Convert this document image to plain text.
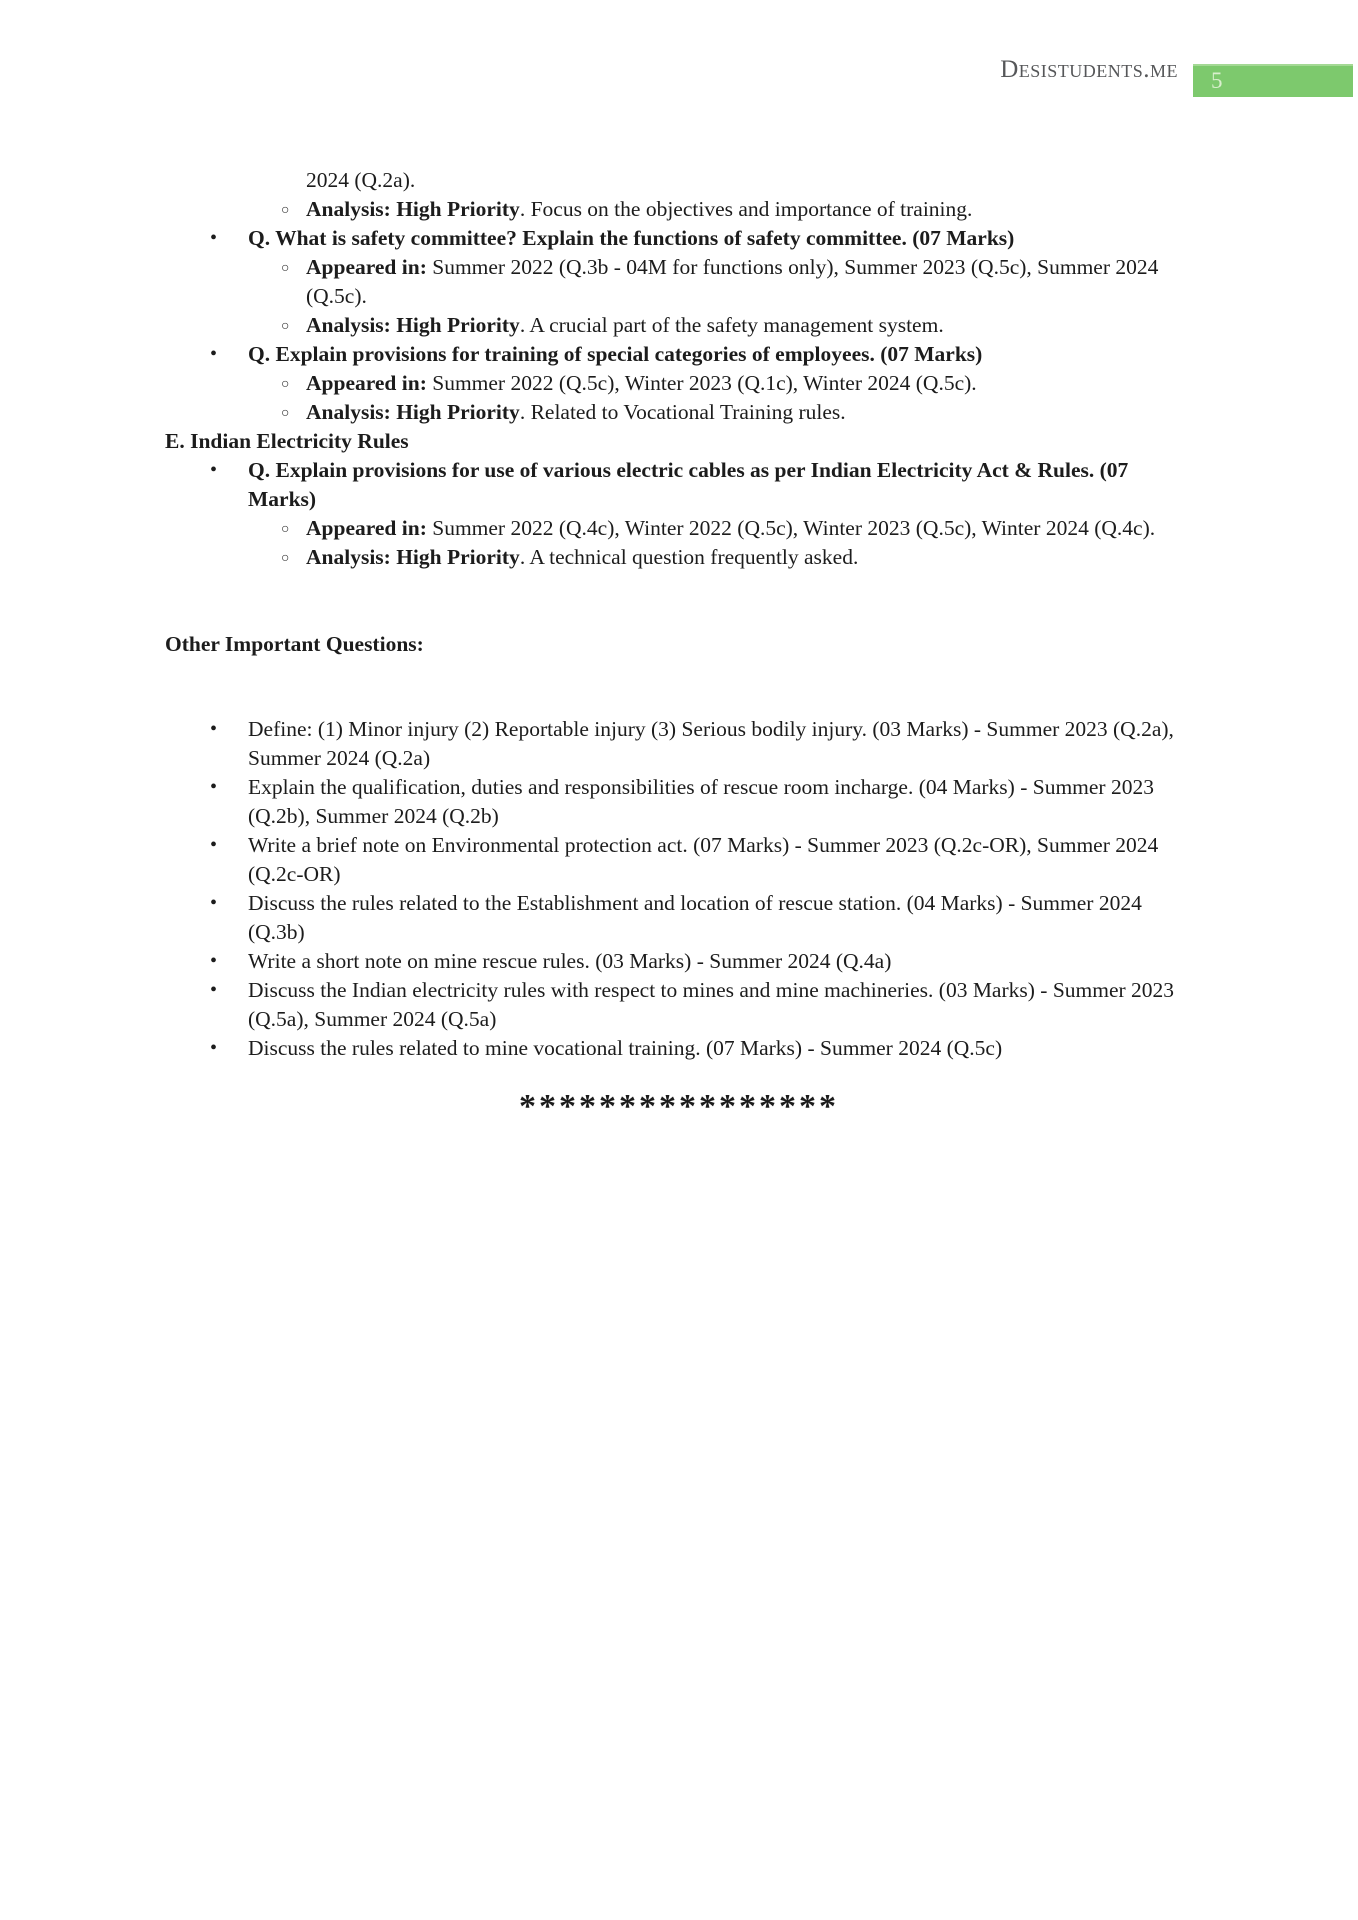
Desistudents.me	5
2024 (Q.2a).
○ Analysis: High Priority. Focus on the objectives and importance of training.
• Q. What is safety committee? Explain the functions of safety committee. (07 Marks)
○ Appeared in: Summer 2022 (Q.3b - 04M for functions only), Summer 2023 (Q.5c), Summer 2024 (Q.5c).
○ Analysis: High Priority. A crucial part of the safety management system.
• Q. Explain provisions for training of special categories of employees. (07 Marks)
○ Appeared in: Summer 2022 (Q.5c), Winter 2023 (Q.1c), Winter 2024 (Q.5c).
○ Analysis: High Priority. Related to Vocational Training rules.
E. Indian Electricity Rules
• Q. Explain provisions for use of various electric cables as per Indian Electricity Act & Rules. (07 Marks)
○ Appeared in: Summer 2022 (Q.4c), Winter 2022 (Q.5c), Winter 2023 (Q.5c), Winter 2024 (Q.4c).
○ Analysis: High Priority. A technical question frequently asked.
Other Important Questions:
• Define: (1) Minor injury (2) Reportable injury (3) Serious bodily injury. (03 Marks) - Summer 2023 (Q.2a), Summer 2024 (Q.2a)
• Explain the qualification, duties and responsibilities of rescue room incharge. (04 Marks) - Summer 2023 (Q.2b), Summer 2024 (Q.2b)
• Write a brief note on Environmental protection act. (07 Marks) - Summer 2023 (Q.2c-OR), Summer 2024 (Q.2c-OR)
• Discuss the rules related to the Establishment and location of rescue station. (04 Marks) - Summer 2024 (Q.3b)
• Write a short note on mine rescue rules. (03 Marks) - Summer 2024 (Q.4a)
• Discuss the Indian electricity rules with respect to mines and mine machineries. (03 Marks) - Summer 2023 (Q.5a), Summer 2024 (Q.5a)
• Discuss the rules related to mine vocational training. (07 Marks) - Summer 2024 (Q.5c)
****************
